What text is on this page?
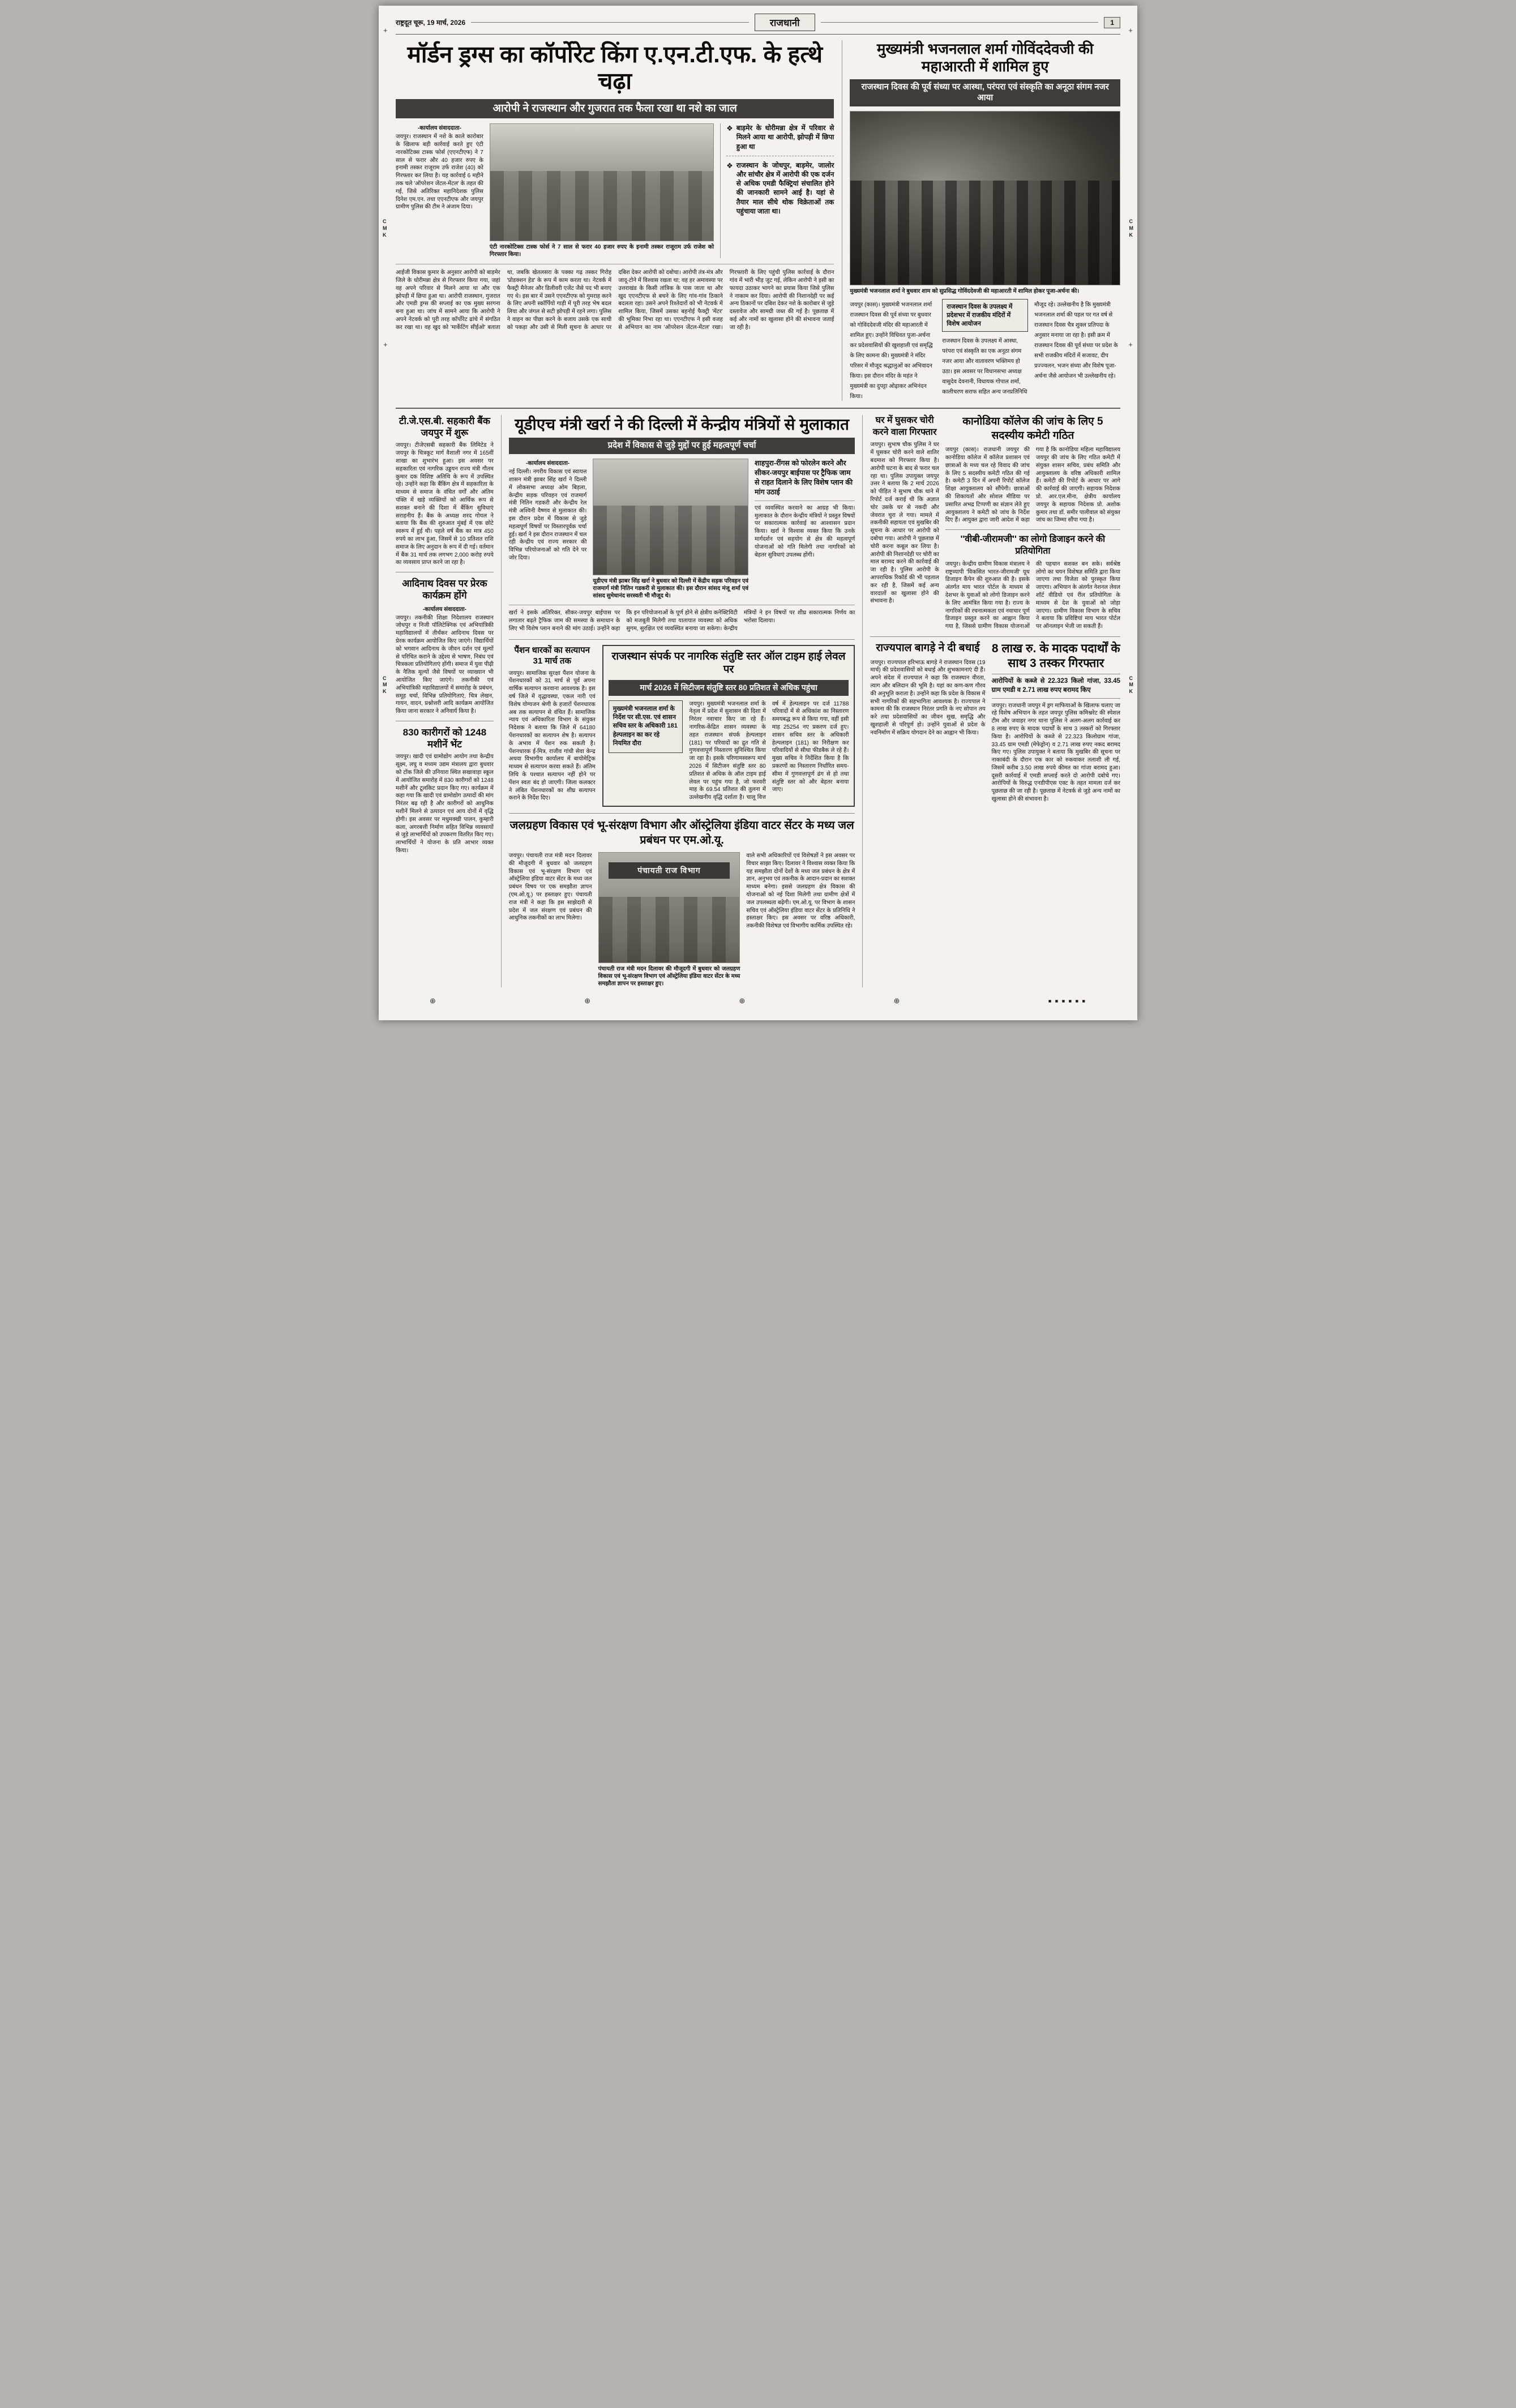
+	+
+	+
C
M
K
C
M
K
C
M
K
C
M
K
राष्ट्रदूत चूरू, 19 मार्च, 2026	राजधानी	1
मॉर्डन ड्रग्स का कॉर्पोरेट किंग ए.एन.टी.एफ. के हत्थे चढ़ा
आरोपी ने राजस्थान और गुजरात तक फैला रखा था नशे का जाल

-कार्यालय संवाददाता-

जयपुर। राजस्थान में नशे के काले कारोबार के खिलाफ बड़ी कार्रवाई करते हुए एंटी नारकोटिक्स टास्क फोर्स (एएनटीएफ) ने 7 साल से फरार और 40 हजार रुपए के इनामी तस्कर राजूराम उर्फ राजेश (40) को गिरफ्तार कर लिया है। यह कार्रवाई 6 महीने तक चले 'ऑपरेशन जेंटल-मेंटल' के तहत की गई, जिसे अतिरिक्त महानिदेशक पुलिस दिनेश एम.एन. तथा एएनटीएफ और जयपुर ग्रामीण पुलिस की टीम ने अंजाम दिया।

एंटी नारकोटिक्स टास्क फोर्स ने 7 साल से फरार 40 हजार रुपए के इनामी तस्कर राजूराम उर्फ राजेश को गिरफ्तार किया।
❖ बाड़मेर के धोरीमन्ना क्षेत्र में परिवार से मिलने आया था आरोपी, झोपड़ी में छिपा हुआ था
❖ राजस्थान के जोधपुर, बाड़मेर, जालोर और सांचौर क्षेत्र में आरोपी की एक दर्जन से अधिक एमडी फैक्ट्रियां संचालित होने की जानकारी सामने आई है। यहां से तैयार माल सीधे थोक विक्रेताओं तक पहुंचाया जाता था।
आईजी विकास कुमार के अनुसार आरोपी को बाड़मेर जिले के धोरीमन्ना क्षेत्र से गिरफ्तार किया गया, जहां वह अपने परिवार से मिलने आया था और एक झोपड़ी में छिपा हुआ था। आरोपी राजस्थान, गुजरात और एमडी ड्रग्स की सप्लाई का एक मुख्य सरगना बना हुआ था। जांच में सामने आया कि आरोपी ने अपने नेटवर्क को पूरी तरह कॉर्पोरेट ढांचे में संगठित कर रखा था। वह खुद को 'मार्केटिंग सीईओ' बताता था, जबकि खेतलसरा के पक्का गढ़ तस्कर गिरोह 'प्रोडक्शन हेड' के रूप में काम करता था। नेटवर्क में फैक्ट्री मैनेजर और डिलीवरी एजेंट जैसे पद भी बनाए गए थे। इस बार में उसने एएनटीएफ को गुमराह करने के लिए अपनी स्कॉर्पियो गाड़ी में पूरी तरह भेष बदल लिया और जंगल से सटी झोपड़ी में रहने लगा। पुलिस ने वाहन का पीछा करने के बजाय उसके एक साथी को पकड़ा और उसी से मिली सूचना के आधार पर दबिश देकर आरोपी को दबोचा। आरोपी तंत्र-मंत्र और जादू-टोने में विश्वास रखता था; वह हर अमावस्या पर उत्तराखंड के किसी तांत्रिक के पास जाता था और खुद एएनटीएफ से बचने के लिए गांव-गांव ठिकाने बदलता रहा। उसने अपने रिश्तेदारों को भी नेटवर्क में शामिल किया, जिसमें उसका बहनोई फैक्ट्री 'मेंटर' की भूमिका निभा रहा था। एएनटीएफ ने इसी वजह से अभियान का नाम 'ऑपरेशन जेंटल-मेंटल' रखा। गिरफ्तारी के लिए पहुंची पुलिस कार्रवाई के दौरान गांव में भारी भीड़ जुट गई, लेकिन आरोपी ने इसी का फायदा उठाकर भागने का प्रयास किया जिसे पुलिस ने नाकाम कर दिया। आरोपी की निशानदेही पर कई अन्य ठिकानों पर दबिश देकर नशे के कारोबार से जुड़े दस्तावेज और सामग्री जब्त की गई है। पूछताछ में कई और नामों का खुलासा होने की संभावना जताई जा रही है।
मुख्यमंत्री भजनलाल शर्मा गोविंददेवजी की महाआरती में शामिल हुए
राजस्थान दिवस की पूर्व संध्या पर आस्था, परंपरा एवं संस्कृति का अनूठा संगम नजर आया
मुख्यमंत्री भजनलाल शर्मा ने बुधवार शाम को सुप्रसिद्ध गोविंददेवजी की महाआरती में शामिल होकर पूजा-अर्चना की।
जयपुर (कास)। मुख्यमंत्री भजनलाल शर्मा राजस्थान दिवस की पूर्व संध्या पर बुधवार को गोविंददेवजी मंदिर की महाआरती में शामिल हुए। उन्होंने विधिवत पूजा-अर्चना कर प्रदेशवासियों की खुशहाली एवं समृद्धि के लिए कामना की। मुख्यमंत्री ने मंदिर परिसर में मौजूद श्रद्धालुओं का अभिवादन किया। इस दौरान मंदिर के महंत ने मुख्यमंत्री का दुपट्टा ओढ़ाकर अभिनंदन किया।
राजस्थान दिवस के उपलक्ष्य में प्रदेशभर में राजकीय मंदिरों में विशेष आयोजन
राजस्थान दिवस के उपलक्ष्य में आस्था, परंपरा एवं संस्कृति का एक अनूठा संगम नजर आया और वातावरण भक्तिमय हो उठा। इस अवसर पर विधानसभा अध्यक्ष वासुदेव देवनानी, विधायक गोपाल शर्मा, कालीचरण सराफ सहित अन्य जनप्रतिनिधि मौजूद रहे। उल्लेखनीय है कि मुख्यमंत्री भजनलाल शर्मा की पहल पर गत वर्ष से राजस्थान दिवस चैत्र शुक्ल प्रतिपदा के अनुसार मनाया जा रहा है। इसी क्रम में राजस्थान दिवस की पूर्व संध्या पर प्रदेश के सभी राजकीय मंदिरों में सजावट, दीप प्रज्ज्वलन, भजन संध्या और विशेष पूजा-अर्चना जैसे आयोजन भी उल्लेखनीय रहे।
टी.जे.एस.बी. सहकारी बैंक जयपुर में शुरू

जयपुर। टीजेएसबी सहकारी बैंक लिमिटेड ने जयपुर के चित्रकूट मार्ग वैशाली नगर में 165वीं शाखा का शुभारंभ हुआ। इस अवसर पर सहकारिता एवं नागरिक उड्डयन राज्य मंत्री गौतम कुमार दक विशिष्ट अतिथि के रूप में उपस्थित रहे। उन्होंने कहा कि बैंकिंग क्षेत्र में सहकारिता के माध्यम से समाज के वंचित वर्गों और अंतिम पंक्ति में खड़े व्यक्तियों को आर्थिक रूप से सशक्त बनाने की दिशा में बैंकिंग सुविधाएं सराहनीय हैं। बैंक के अध्यक्ष शरद गोयल ने बताया कि बैंक की शुरुआत मुंबई में एक छोटे स्वरूप में हुई थी। पहले वर्ष बैंक का मात्र 450 रुपये का लाभ हुआ, जिसमें से 10 प्रतिशत राशि समाज के लिए अनुदान के रूप में दी गई। वर्तमान में बैंक 31 मार्च तक लगभग 2,000 करोड़ रुपये का व्यवसाय प्राप्त करने जा रहा है।

आदिनाथ दिवस पर प्रेरक कार्यक्रम होंगे

-कार्यालय संवाददाता-

जयपुर। तकनीकी शिक्षा निदेशालय राजस्थान जोधपुर व निजी पॉलिटेक्निक एवं अभियांत्रिकी महाविद्यालयों में तीर्थंकर आदिनाथ दिवस पर प्रेरक कार्यक्रम आयोजित किए जाएंगे। विद्यार्थियों को भगवान आदिनाथ के जीवन दर्शन एवं मूल्यों से परिचित कराने के उद्देश्य से भाषण, निबंध एवं चित्रकला प्रतियोगिताएं होंगी। समाज में युवा पीढ़ी के नैतिक मूल्यों जैसे विषयों पर व्याख्यान भी आयोजित किए जाएंगे। तकनीकी एवं अभियांत्रिकी महाविद्यालयों में समारोह के प्रबंधन, समूह चर्चा, विभिन्न प्रतियोगिताएं, चित्र लेखन, गायन, वादन, प्रश्नोत्तरी आदि कार्यक्रम आयोजित किया जाना सरकार ने अनिवार्य किया है।

830 कारीगरों को 1248 मशीनें भेंट

जयपुर। खादी एवं ग्रामोद्योग आयोग तथा केन्द्रीय सूक्ष्म, लघु व मध्यम उद्यम मंत्रालय द्वारा बुधवार को टोंक जिले की उनियारा स्थित सखावाड़ा स्कूल में आयोजित समारोह में 830 कारीगरों को 1248 मशीनें और टूलकिट प्रदान किए गए। कार्यक्रम में कहा गया कि खादी एवं ग्रामोद्योग उत्पादों की मांग निरंतर बढ़ रही है और कारीगरों को आधुनिक मशीनें मिलने से उत्पादन एवं आय दोनों में वृद्धि होगी। इस अवसर पर मधुमक्खी पालन, कुम्हारी कला, अगरबत्ती निर्माण सहित विभिन्न व्यवसायों से जुड़े लाभार्थियों को उपकरण वितरित किए गए। लाभार्थियों ने योजना के प्रति आभार व्यक्त किया।

यूडीएच मंत्री खर्रा ने की दिल्ली में केन्द्रीय मंत्रियों से मुलाकात
प्रदेश में विकास से जुड़े मुद्दों पर हुई महत्वपूर्ण चर्चा

-कार्यालय संवाददाता-

नई दिल्ली। नगरीय विकास एवं स्वायत्त शासन मंत्री झाबर सिंह खर्रा ने दिल्ली में लोकसभा अध्यक्ष ओम बिड़ला, केन्द्रीय सड़क परिवहन एवं राजमार्ग मंत्री नितिन गडकरी और केन्द्रीय रेल मंत्री अश्विनी वैष्णव से मुलाकात की। इस दौरान प्रदेश में विकास से जुड़े महत्वपूर्ण विषयों पर विस्तारपूर्वक चर्चा हुई। खर्रा ने इस दौरान राजस्थान में चल रही केन्द्रीय एवं राज्य सरकार की विभिन्न परियोजनाओं को गति देने पर जोर दिया।

यूडीएच मंत्री झाबर सिंह खर्रा ने बुधवार को दिल्ली में केंद्रीय सड़क परिवहन एवं राजमार्ग मंत्री नितिन गडकरी से मुलाकात की। इस दौरान सांसद मंजू शर्मा एवं सांसद सुमेधानंद सरस्वती भी मौजूद थे।
शाहपुरा-रींगस को फोरलेन करने और सीकर-जयपुर बाईपास पर ट्रैफिक जाम से राहत दिलाने के लिए विशेष प्लान की मांग उठाई

एवं व्यवस्थित करवाने का आग्रह भी किया। मुलाकात के दौरान केन्द्रीय मंत्रियों ने प्रस्तुत विषयों पर सकारात्मक कार्रवाई का आश्वासन प्रदान किया। खर्रा ने विश्वास व्यक्त किया कि उनके मार्गदर्शन एवं सहयोग से क्षेत्र की महत्वपूर्ण योजनाओं को गति मिलेगी तथा नागरिकों को बेहतर सुविधाएं उपलब्ध होंगी।

खर्रा ने इसके अतिरिक्त, सीकर-जयपुर बाईपास पर लगातार बढ़ते ट्रैफिक जाम की समस्या के समाधान के लिए भी विशेष प्लान बनाने की मांग उठाई। उन्होंने कहा कि इन परियोजनाओं के पूर्ण होने से क्षेत्रीय कनेक्टिविटी को मजबूती मिलेगी तथा यातायात व्यवस्था को अधिक सुगम, सुरक्षित एवं व्यवस्थित बनाया जा सकेगा। केन्द्रीय मंत्रियों ने इन विषयों पर शीघ्र सकारात्मक निर्णय का भरोसा दिलाया।
पैंशन धारकों का सत्यापन 31 मार्च तक

जयपुर। सामाजिक सुरक्षा पैंशन योजना के पेंशनधारकों को 31 मार्च से पूर्व अपना वार्षिक सत्यापन करवाना आवश्यक है। इस वर्ष जिले में वृद्धावस्था, एकल नारी एवं विशेष योग्यजन श्रेणी के हजारों पेंशनधारक अब तक सत्यापन से वंचित हैं। सामाजिक न्याय एवं अधिकारिता विभाग के संयुक्त निदेशक ने बताया कि जिले में 64180 पेंशनधारकों का सत्यापन शेष है। सत्यापन के अभाव में पेंशन रुक सकती है। पेंशनधारक ई-मित्र, राजीव गांधी सेवा केन्द्र अथवा विभागीय कार्यालय में बायोमेट्रिक माध्यम से सत्यापन करवा सकते हैं। अंतिम तिथि के पश्चात सत्यापन नहीं होने पर पेंशन स्वतः बंद हो जाएगी। जिला कलक्टर ने लंबित पेंशनधारकों का शीघ्र सत्यापन कराने के निर्देश दिए।

राजस्थान संपर्क पर नागरिक संतुष्टि स्तर ऑल टाइम हाई लेवल पर
मार्च 2026 में सिटीजन संतुष्टि स्तर 80 प्रतिशत से अधिक पहुंचा
मुख्यमंत्री भजनलाल शर्मा के निर्देश पर सी.एस. एवं शासन सचिव स्तर के अधिकारी 181 हेल्पलाइन का कर रहे नियमित दौरा
जयपुर। मुख्यमंत्री भजनलाल शर्मा के नेतृत्व में प्रदेश में सुशासन की दिशा में निरंतर नवाचार किए जा रहे हैं। नागरिक-केंद्रित शासन व्यवस्था के तहत राजस्थान संपर्क हेल्पलाइन (181) पर परिवादों का द्रुत गति से गुणवत्तापूर्ण निस्तारण सुनिश्चित किया जा रहा है। इसके परिणामस्वरूप मार्च 2026 में सिटीजन संतुष्टि स्तर 80 प्रतिशत से अधिक के ऑल टाइम हाई लेवल पर पहुंच गया है, जो फरवरी माह के 69.54 प्रतिशत की तुलना में उल्लेखनीय वृद्धि दर्शाता है। चालू वित्त वर्ष में हेल्पलाइन पर दर्ज 11788 परिवादों में से अधिकांश का निस्तारण समयबद्ध रूप से किया गया, वहीं इसी माह 25254 नए प्रकरण दर्ज हुए। शासन सचिव स्तर के अधिकारी हेल्पलाइन (181) का निरीक्षण कर परिवादियों से सीधा फीडबैक ले रहे हैं। मुख्य सचिव ने निर्देशित किया है कि प्रकरणों का निस्तारण निर्धारित समय-सीमा में गुणवत्तापूर्ण ढंग से हो तथा संतुष्टि स्तर को और बेहतर बनाया जाए।
जलग्रहण विकास एवं भू-संरक्षण विभाग और ऑस्ट्रेलिया इंडिया वाटर सेंटर के मध्य जल प्रबंधन पर एम.ओ.यू.

जयपुर। पंचायती राज मंत्री मदन दिलावर की मौजूदगी में बुधवार को जलग्रहण विकास एवं भू-संरक्षण विभाग एवं ऑस्ट्रेलिया इंडिया वाटर सेंटर के मध्य जल प्रबंधन विषय पर एक समझौता ज्ञापन (एम.ओ.यू.) पर हस्ताक्षर हुए। पंचायती राज मंत्री ने कहा कि इस साझेदारी से प्रदेश में जल संरक्षण एवं प्रबंधन की आधुनिक तकनीकों का लाभ मिलेगा।

पंचायती राज विभाग
पंचायती राज मंत्री मदन दिलावर की मौजूदगी में बुधवार को जलग्रहण विकास एवं भू-संरक्षण विभाग एवं ऑस्ट्रेलिया इंडिया वाटर सेंटर के मध्य समझौता ज्ञापन पर हस्ताक्षर हुए।

वाले सभी अधिकारियों एवं विशेषज्ञों ने इस अवसर पर विचार साझा किए। दिलावर ने विश्वास व्यक्त किया कि यह समझौता दोनों देशों के मध्य जल प्रबंधन के क्षेत्र में ज्ञान, अनुभव एवं तकनीक के आदान-प्रदान का सशक्त माध्यम बनेगा। इससे जलग्रहण क्षेत्र विकास की योजनाओं को नई दिशा मिलेगी तथा ग्रामीण क्षेत्रों में जल उपलब्धता बढ़ेगी। एम.ओ.यू. पर विभाग के शासन सचिव एवं ऑस्ट्रेलिया इंडिया वाटर सेंटर के प्रतिनिधि ने हस्ताक्षर किए। इस अवसर पर वरिष्ठ अधिकारी, तकनीकी विशेषज्ञ एवं विभागीय कार्मिक उपस्थित रहे।

घर में घुसकर चोरी करने वाला गिरफ्तार

जयपुर। सुभाष चौक पुलिस ने घर में घुसकर चोरी करने वाले शातिर बदमाश को गिरफ्तार किया है। आरोपी घटना के बाद से फरार चल रहा था। पुलिस उपायुक्त जयपुर उत्तर ने बताया कि 2 मार्च 2026 को पीड़ित ने सुभाष चौक थाने में रिपोर्ट दर्ज कराई थी कि अज्ञात चोर उसके घर से नकदी और जेवरात चुरा ले गया। मामले में तकनीकी सहायता एवं मुखबिर की सूचना के आधार पर आरोपी को दबोचा गया। आरोपी ने पूछताछ में चोरी करना कबूल कर लिया है। आरोपी की निशानदेही पर चोरी का माल बरामद करने की कार्रवाई की जा रही है। पुलिस आरोपी के आपराधिक रिकॉर्ड की भी पड़ताल कर रही है, जिसमें कई अन्य वारदातों का खुलासा होने की संभावना है।

कानोडिया कॉलेज की जांच के लिए 5 सदस्यीय कमेटी गठित
जयपुर (कास)। राजधानी जयपुर की कानोडिया कॉलेज में कॉलेज प्रशासन एवं छात्राओं के मध्य चल रहे विवाद की जांच के लिए 5 सदस्यीय कमेटी गठित की गई है। कमेटी 3 दिन में अपनी रिपोर्ट कॉलेज शिक्षा आयुक्तालय को सौंपेगी। छात्राओं की शिकायतों और सोशल मीडिया पर प्रसारित अभद्र टिप्पणी का संज्ञान लेते हुए आयुक्तालय ने कमेटी को जांच के निर्देश दिए हैं। आयुक्त द्वारा जारी आदेश में कहा गया है कि कानोडिया महिला महाविद्यालय जयपुर की जांच के लिए गठित कमेटी में संयुक्त शासन सचिव, प्रबंध समिति और आयुक्तालय के वरिष्ठ अधिकारी शामिल हैं। कमेटी की रिपोर्ट के आधार पर आगे की कार्रवाई की जाएगी। सहायक निदेशक प्रो. आर.एल.मीना, क्षेत्रीय कार्यालय जयपुर के सहायक निदेशक प्रो. अशोक कुमार तथा डॉ. समीर पालीवाल को संयुक्त जांच का जिम्मा सौंपा गया है।
''वीबी-जीरामजी'' का लोगो डिजाइन करने की प्रतियोगिता
जयपुर। केन्द्रीय ग्रामीण विकास मंत्रालय ने राष्ट्रव्यापी 'विकसित भारत-जीरामजी' यूथ डिजाइन कैंपेन की शुरुआत की है। इसके अंतर्गत माय भारत पोर्टल के माध्यम से देशभर के युवाओं को लोगो डिजाइन करने के लिए आमंत्रित किया गया है। राज्य के नागरिकों की रचनात्मकता एवं नवाचार पूर्ण डिजाइन प्रस्तुत करने का आह्वान किया गया है, जिससे ग्रामीण विकास योजनाओं की पहचान सशक्त बन सके। सर्वश्रेष्ठ लोगो का चयन विशेषज्ञ समिति द्वारा किया जाएगा तथा विजेता को पुरस्कृत किया जाएगा। अभियान के अंतर्गत नेशनल लेवल शॉर्ट वीडियो एवं रील प्रतियोगिता के माध्यम से देश के युवाओं को जोड़ा जाएगा। ग्रामीण विकास विभाग के सचिव ने बताया कि प्रविष्टियां माय भारत पोर्टल पर ऑनलाइन भेजी जा सकती हैं।
राज्यपाल बागड़े ने दी बधाई

जयपुर। राज्यपाल हरिभाऊ बागड़े ने राजस्थान दिवस (19 मार्च) की प्रदेशवासियों को बधाई और शुभकामनाएं दी हैं। अपने संदेश में राज्यपाल ने कहा कि राजस्थान वीरता, त्याग और बलिदान की भूमि है। यहां का कण-कण गौरव की अनुभूति कराता है। उन्होंने कहा कि प्रदेश के विकास में सभी नागरिकों की सहभागिता आवश्यक है। राज्यपाल ने कामना की कि राजस्थान निरंतर प्रगति के नए सोपान तय करे तथा प्रदेशवासियों का जीवन सुख, समृद्धि और खुशहाली से परिपूर्ण हो। उन्होंने युवाओं से प्रदेश के नवनिर्माण में सक्रिय योगदान देने का आह्वान भी किया।

8 लाख रु. के मादक पदार्थों के साथ 3 तस्कर गिरफ्तार
आरोपियों के कब्जे से 22.323 किलो गांजा, 33.45 ग्राम एमडी व 2.71 लाख रुपए बरामद किए

जयपुर। राजधानी जयपुर में ड्रग माफियाओं के खिलाफ चलाए जा रहे विशेष अभियान के तहत जयपुर पुलिस कमिश्नरेट की स्पेशल टीम और जवाहर नगर थाना पुलिस ने अलग-अलग कार्रवाई कर 8 लाख रुपए के मादक पदार्थों के साथ 3 तस्करों को गिरफ्तार किया है। आरोपियों के कब्जे से 22.323 किलोग्राम गांजा, 33.45 ग्राम एमडी (मेफेड्रोन) व 2.71 लाख रुपए नकद बरामद किए गए। पुलिस उपायुक्त ने बताया कि मुखबिर की सूचना पर नाकाबंदी के दौरान एक कार को रुकवाकर तलाशी ली गई, जिसमें करीब 3.50 लाख रुपये कीमत का गांजा बरामद हुआ। दूसरी कार्रवाई में एमडी सप्लाई करते दो आरोपी दबोचे गए। आरोपियों के विरुद्ध एनडीपीएस एक्ट के तहत मामला दर्ज कर पूछताछ की जा रही है। पूछताछ में नेटवर्क से जुड़े अन्य नामों का खुलासा होने की संभावना है।

⊕	⊕	⊕	⊕	■ ■ ■ ■ ■ ■
